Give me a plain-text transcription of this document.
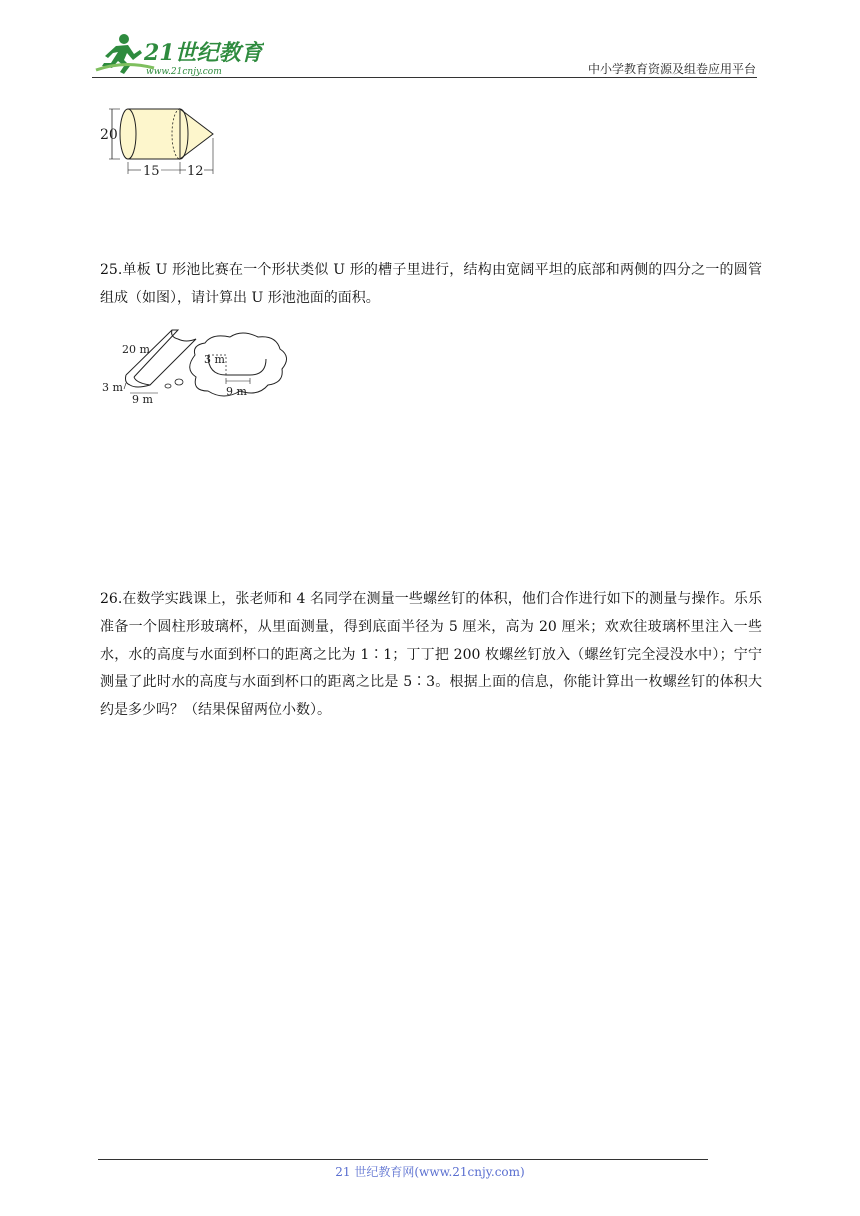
21世纪教育
www.21cnjy.com	中小学教育资源及组卷应用平台
20
15 12
25.单板 U 形池比赛在一个形状类似 U 形的槽子里进行，结构由宽阔平坦的底部和两侧的四分之一的圆管组成（如图），请计算出 U 形池池面的面积。
20 m
3 m
9 m
3 m
9 m
26.在数学实践课上，张老师和 4 名同学在测量一些螺丝钉的体积，他们合作进行如下的测量与操作。乐乐准备一个圆柱形玻璃杯，从里面测量，得到底面半径为 5 厘米，高为 20 厘米；欢欢往玻璃杯里注入一些水，水的高度与水面到杯口的距离之比为 1∶1；丁丁把 200 枚螺丝钉放入（螺丝钉完全浸没水中）；宁宁测量了此时水的高度与水面到杯口的距离之比是 5∶3。根据上面的信息，你能计算出一枚螺丝钉的体积大约是多少吗？（结果保留两位小数）。
21 世纪教育网(www.21cnjy.com)
